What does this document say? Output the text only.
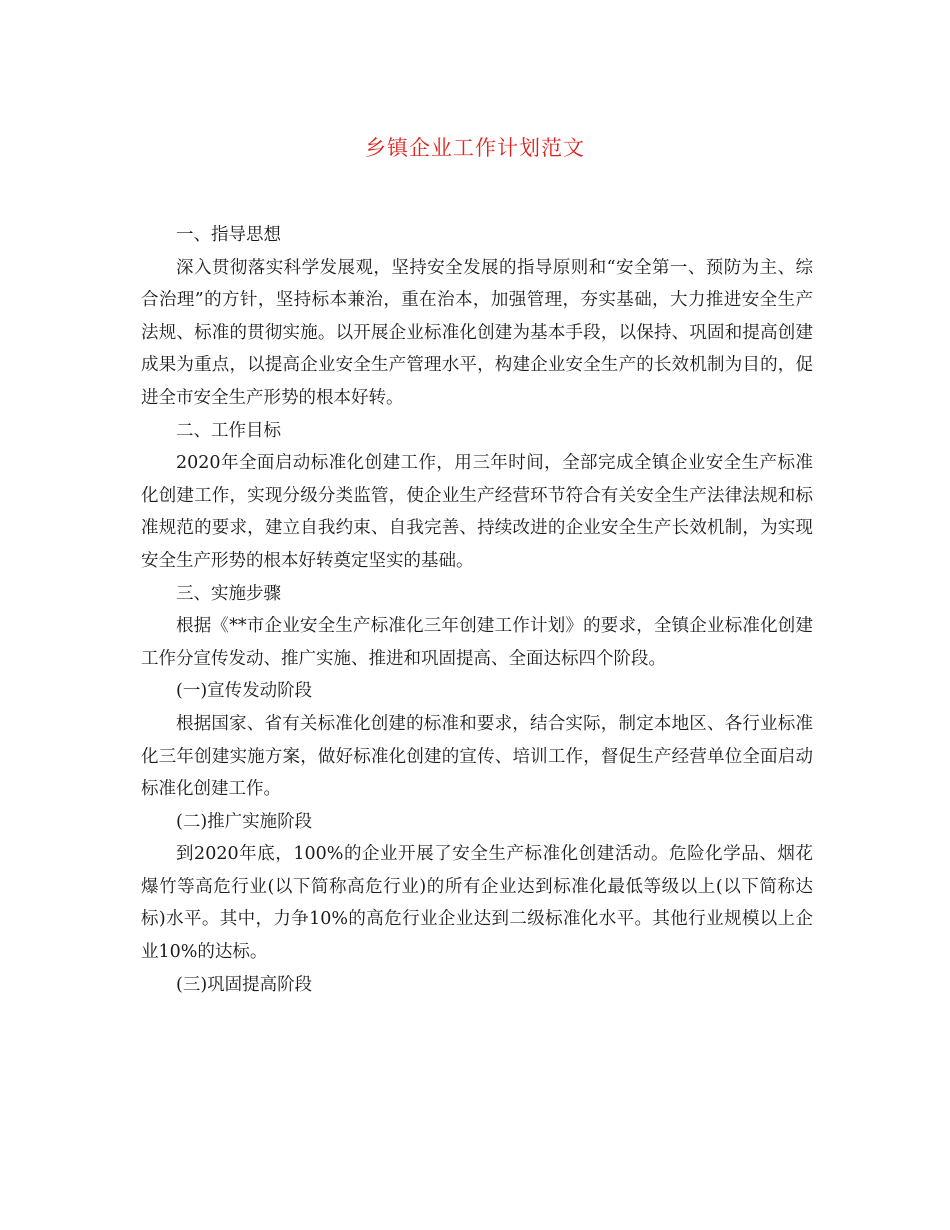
乡镇企业工作计划范文

一、指导思想

深入贯彻落实科学发展观，坚持安全发展的指导原则和“安全第一、预防为主、综合治理”的方针，坚持标本兼治，重在治本，加强管理，夯实基础，大力推进安全生产法规、标准的贯彻实施。以开展企业标准化创建为基本手段，以保持、巩固和提高创建成果为重点，以提高企业安全生产管理水平，构建企业安全生产的长效机制为目的，促进全市安全生产形势的根本好转。

二、工作目标

2020年全面启动标准化创建工作，用三年时间，全部完成全镇企业安全生产标准化创建工作，实现分级分类监管，使企业生产经营环节符合有关安全生产法律法规和标准规范的要求，建立自我约束、自我完善、持续改进的企业安全生产长效机制，为实现安全生产形势的根本好转奠定坚实的基础。

三、实施步骤

根据《**市企业安全生产标准化三年创建工作计划》的要求，全镇企业标准化创建工作分宣传发动、推广实施、推进和巩固提高、全面达标四个阶段。

(一)宣传发动阶段

根据国家、省有关标准化创建的标准和要求，结合实际，制定本地区、各行业标准化三年创建实施方案，做好标准化创建的宣传、培训工作，督促生产经营单位全面启动标准化创建工作。

(二)推广实施阶段

到2020年底，100%的企业开展了安全生产标准化创建活动。危险化学品、烟花爆竹等高危行业(以下简称高危行业)的所有企业达到标准化最低等级以上(以下简称达标)水平。其中，力争10%的高危行业企业达到二级标准化水平。其他行业规模以上企业10%的达标。

(三)巩固提高阶段
